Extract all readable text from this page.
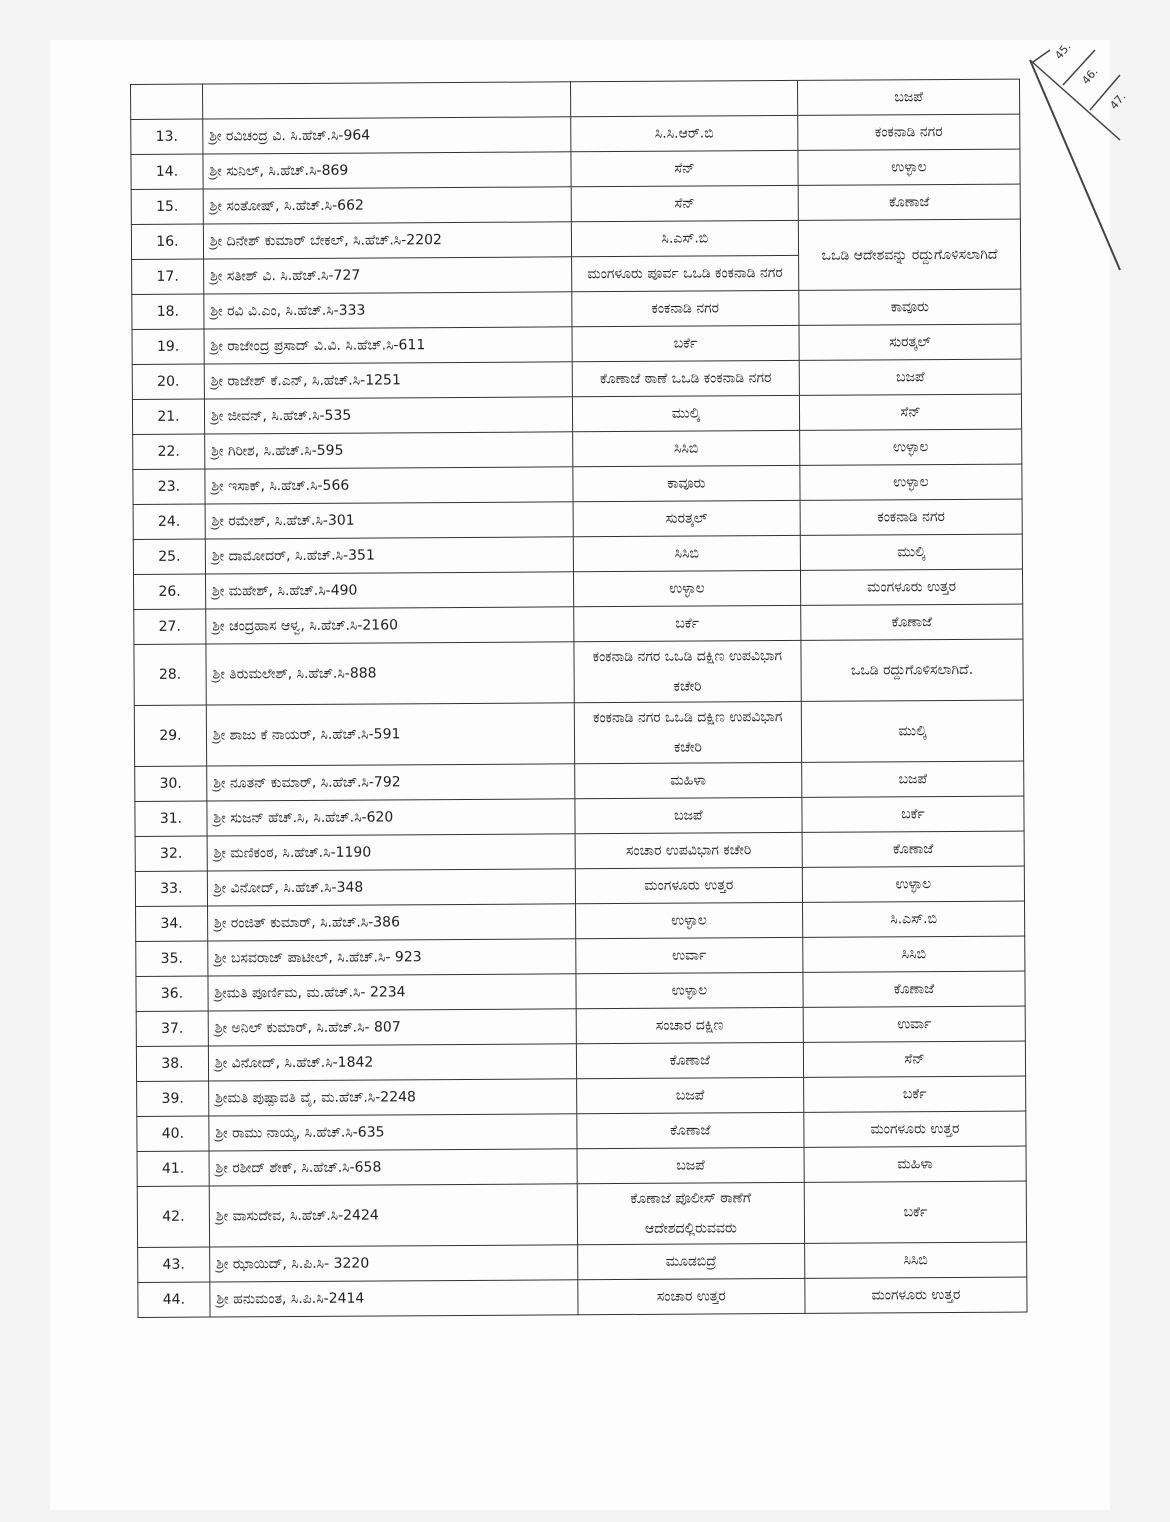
45.
46.
47.
			ಬಜಪೆ
13.	ಶ್ರೀ ರವಿಚಂದ್ರ ವಿ. ಸಿ.ಹೆಚ್.ಸಿ-964	ಸಿ.ಸಿ.ಆರ್.ಬಿ	ಕಂಕನಾಡಿ ನಗರ
14.	ಶ್ರೀ ಸುನಿಲ್, ಸಿ.ಹೆಚ್.ಸಿ-869	ಸೆನ್	ಉಳ್ಳಾಲ
15.	ಶ್ರೀ ಸಂತೋಷ್, ಸಿ.ಹೆಚ್.ಸಿ-662	ಸೆನ್	ಕೊಣಾಜೆ
16.	ಶ್ರೀ ದಿನೇಶ್ ಕುಮಾರ್ ಬೇಕಲ್, ಸಿ.ಹೆಚ್.ಸಿ-2202	ಸಿ.ಎಸ್.ಬಿ	ಒಒಡಿ ಆದೇಶವನ್ನು ರದ್ದುಗೊಳಿಸಲಾಗಿದೆ
17.	ಶ್ರೀ ಸತೀಶ್ ವಿ. ಸಿ.ಹೆಚ್.ಸಿ-727	ಮಂಗಳೂರು ಪೂರ್ವ ಒಒಡಿ ಕಂಕನಾಡಿ ನಗರ	
18.	ಶ್ರೀ ರವಿ ವಿ.ಎಂ, ಸಿ.ಹೆಚ್.ಸಿ-333	ಕಂಕನಾಡಿ ನಗರ	ಕಾವೂರು
19.	ಶ್ರೀ ರಾಜೇಂದ್ರ ಪ್ರಸಾದ್ ವಿ.ವಿ. ಸಿ.ಹೆಚ್.ಸಿ-611	ಬರ್ಕೆ	ಸುರತ್ಕಲ್
20.	ಶ್ರೀ ರಾಜೇಶ್ ಕೆ.ಎನ್, ಸಿ.ಹೆಚ್.ಸಿ-1251	ಕೊಣಾಜೆ ಠಾಣೆ ಒಒಡಿ ಕಂಕನಾಡಿ ನಗರ	ಬಜಪೆ
21.	ಶ್ರೀ ಜೀವನ್, ಸಿ.ಹೆಚ್.ಸಿ-535	ಮುಲ್ಕಿ	ಸೆನ್
22.	ಶ್ರೀ ಗಿರೀಶ, ಸಿ.ಹೆಚ್.ಸಿ-595	ಸಿಸಿಬಿ	ಉಳ್ಳಾಲ
23.	ಶ್ರೀ ಇಸಾಕ್, ಸಿ.ಹೆಚ್.ಸಿ-566	ಕಾವೂರು	ಉಳ್ಳಾಲ
24.	ಶ್ರೀ ರಮೇಶ್, ಸಿ.ಹೆಚ್.ಸಿ-301	ಸುರತ್ಕಲ್	ಕಂಕನಾಡಿ ನಗರ
25.	ಶ್ರೀ ದಾಮೋದರ್, ಸಿ.ಹೆಚ್.ಸಿ-351	ಸಿಸಿಬಿ	ಮುಲ್ಕಿ
26.	ಶ್ರೀ ಮಹೇಶ್, ಸಿ.ಹೆಚ್.ಸಿ-490	ಉಳ್ಳಾಲ	ಮಂಗಳೂರು ಉತ್ತರ
27.	ಶ್ರೀ ಚಂದ್ರಹಾಸ ಆಳ್ವ, ಸಿ.ಹೆಚ್.ಸಿ-2160	ಬರ್ಕೆ	ಕೊಣಾಜೆ
28.	ಶ್ರೀ ತಿರುಮಲೇಶ್, ಸಿ.ಹೆಚ್.ಸಿ-888	ಕಂಕನಾಡಿ ನಗರ ಒಒಡಿ ದಕ್ಷಿಣ ಉಪವಿಭಾಗ ಕಚೇರಿ	ಒಒಡಿ ರದ್ದುಗೊಳಿಸಲಾಗಿದೆ.
29.	ಶ್ರೀ ಶಾಜು ಕೆ ನಾಯರ್, ಸಿ.ಹೆಚ್.ಸಿ-591	ಕಂಕನಾಡಿ ನಗರ ಒಒಡಿ ದಕ್ಷಿಣ ಉಪವಿಭಾಗ ಕಚೇರಿ	ಮುಲ್ಕಿ
30.	ಶ್ರೀ ನೂತನ್ ಕುಮಾರ್, ಸಿ.ಹೆಚ್.ಸಿ-792	ಮಹಿಳಾ	ಬಜಪೆ
31.	ಶ್ರೀ ಸುಜನ್ ಹೆಚ್.ಸಿ, ಸಿ.ಹೆಚ್.ಸಿ-620	ಬಜಪೆ	ಬರ್ಕೆ
32.	ಶ್ರೀ ಮಣಿಕಂಠ, ಸಿ.ಹೆಚ್.ಸಿ-1190	ಸಂಚಾರ ಉಪವಿಭಾಗ ಕಚೇರಿ	ಕೊಣಾಜೆ
33.	ಶ್ರೀ ವಿನೋದ್, ಸಿ.ಹೆಚ್.ಸಿ-348	ಮಂಗಳೂರು ಉತ್ತರ	ಉಳ್ಳಾಲ
34.	ಶ್ರೀ ರಂಜಿತ್ ಕುಮಾರ್, ಸಿ.ಹೆಚ್.ಸಿ-386	ಉಳ್ಳಾಲ	ಸಿ.ಎಸ್.ಬಿ
35.	ಶ್ರೀ ಬಸವರಾಜ್ ಪಾಟೀಲ್, ಸಿ.ಹೆಚ್.ಸಿ- 923	ಉರ್ವಾ	ಸಿಸಿಬಿ
36.	ಶ್ರೀಮತಿ ಪೂರ್ಣಿಮ, ಮ.ಹೆಚ್.ಸಿ- 2234	ಉಳ್ಳಾಲ	ಕೊಣಾಜೆ
37.	ಶ್ರೀ ಅನಿಲ್ ಕುಮಾರ್, ಸಿ.ಹೆಚ್.ಸಿ- 807	ಸಂಚಾರ ದಕ್ಷಿಣ	ಉರ್ವಾ
38.	ಶ್ರೀ ವಿನೋದ್, ಸಿ.ಹೆಚ್.ಸಿ-1842	ಕೊಣಾಜೆ	ಸೆನ್
39.	ಶ್ರೀಮತಿ ಪುಷ್ಪಾವತಿ ವೈ, ಮ.ಹೆಚ್.ಸಿ-2248	ಬಜಪೆ	ಬರ್ಕೆ
40.	ಶ್ರೀ ರಾಮು ನಾಯ್ಕ, ಸಿ.ಹೆಚ್.ಸಿ-635	ಕೊಣಾಜೆ	ಮಂಗಳೂರು ಉತ್ತರ
41.	ಶ್ರೀ ರಶೀದ್ ಶೇಕ್, ಸಿ.ಹೆಚ್.ಸಿ-658	ಬಜಪೆ	ಮಹಿಳಾ
42.	ಶ್ರೀ ವಾಸುದೇವ, ಸಿ.ಹೆಚ್.ಸಿ-2424	ಕೊಣಾಜೆ ಪೊಲೀಸ್ ಠಾಣೆಗೆ ಆದೇಶದಲ್ಲಿರುವವರು	ಬರ್ಕೆ
43.	ಶ್ರೀ ಝಾಯಿದ್, ಸಿ.ಪಿ.ಸಿ- 3220	ಮೂಡಬಿದ್ರೆ	ಸಿಸಿಬಿ
44.	ಶ್ರೀ ಹನುಮಂತ, ಸಿ.ಪಿ.ಸಿ-2414	ಸಂಚಾರ ಉತ್ತರ	ಮಂಗಳೂರು ಉತ್ತರ
